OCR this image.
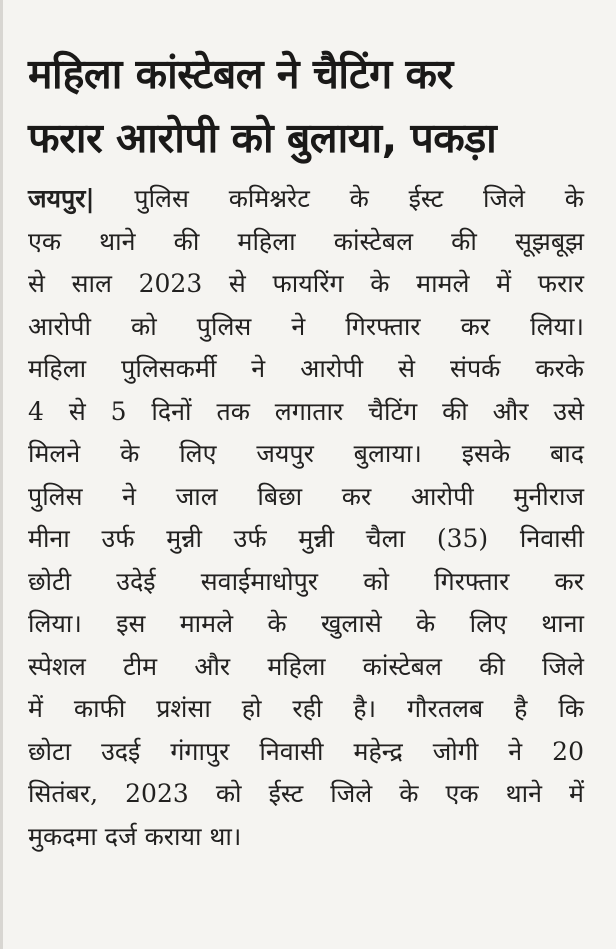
महिला कांस्टेबल ने चैटिंग कर
फरार आरोपी को बुलाया, पकड़ा
जयपुर| पुलिस कमिश्नरेट के ईस्ट जिले के
एक थाने की महिला कांस्टेबल की सूझबूझ
से साल 2023 से फायरिंग के मामले में फरार
आरोपी को पुलिस ने गिरफ्तार कर लिया।
महिला पुलिसकर्मी ने आरोपी से संपर्क करके
4 से 5 दिनों तक लगातार चैटिंग की और उसे
मिलने के लिए जयपुर बुलाया। इसके बाद
पुलिस ने जाल बिछा कर आरोपी मुनीराज
मीना उर्फ मुन्नी उर्फ मुन्नी चैला (35) निवासी
छोटी उदेई सवाईमाधोपुर को गिरफ्तार कर
लिया। इस मामले के खुलासे के लिए थाना
स्पेशल टीम और महिला कांस्टेबल की जिले
में काफी प्रशंसा हो रही है। गौरतलब है कि
छोटा उदई गंगापुर निवासी महेन्द्र जोगी ने 20
सितंबर, 2023 को ईस्ट जिले के एक थाने में
मुकदमा दर्ज कराया था।
